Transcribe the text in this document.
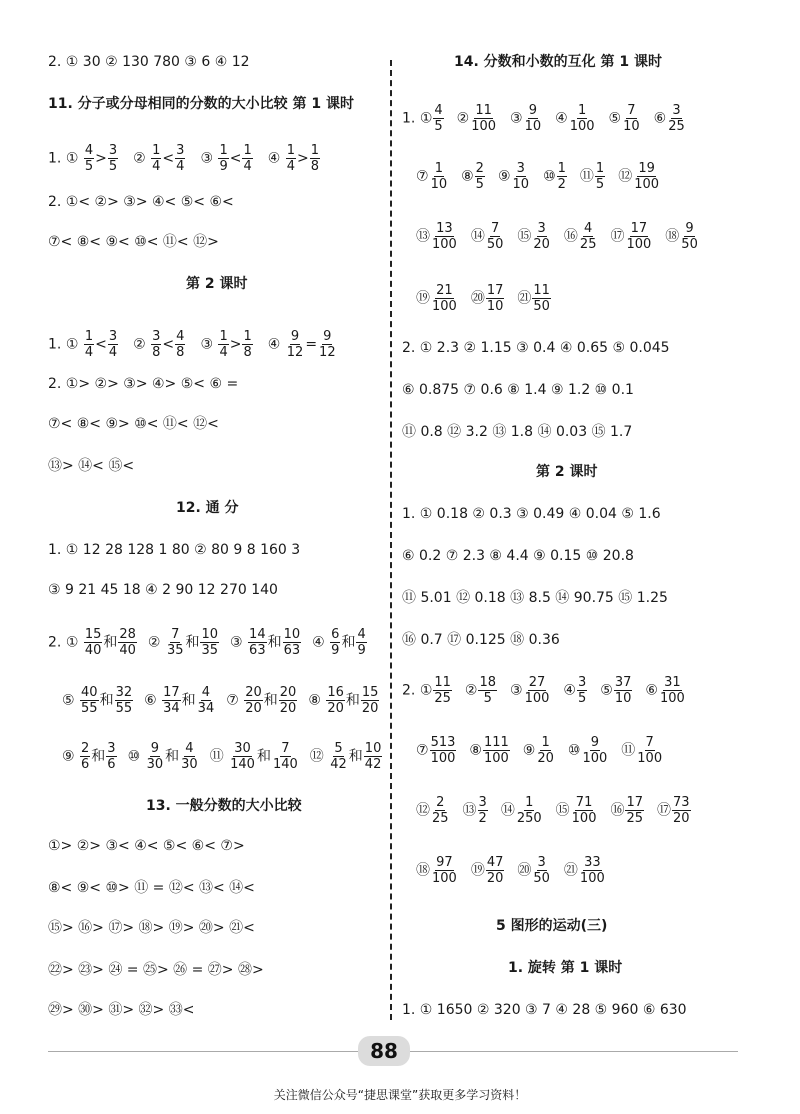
2. ① 30 ② 130 780 ③ 6 ④ 12
11. 分子或分母相同的分数的大小比较 第 1 课时
1. ① $\frac{4}{5} > \frac{3}{5}$ ② $\frac{1}{4} < \frac{3}{4}$ ③ $\frac{1}{9} < \frac{1}{4}$ ④ $\frac{1}{4} > \frac{1}{8}$
2. ①< ②> ③> ④< ⑤< ⑥<
⑦< ⑧< ⑨< ⑩< ⑪< ⑫>
第 2 课时
1. ① $\frac{1}{4} < \frac{3}{4}$ ② $\frac{3}{8} < \frac{4}{8}$ ③ $\frac{1}{4} > \frac{1}{8}$ ④ $\frac{9}{12} = \frac{9}{12}$
2. ①> ②> ③> ④> ⑤< ⑥ =
⑦< ⑧< ⑨> ⑩< ⑪< ⑫<
⑬> ⑭< ⑮<
12. 通 分
1. ① 12 28 128 1 80 ② 80 9 8 160 3
③ 9 21 45 18 ④ 2 90 12 270 140
2. ① $\frac{15}{40}$ 和 $\frac{28}{40}$ ② $\frac{7}{35}$ 和 $\frac{10}{35}$ ③ $\frac{14}{63}$ 和 $\frac{10}{63}$ ④ $\frac{6}{9}$ 和 $\frac{4}{9}$
⑤ $\frac{40}{55}$ 和 $\frac{32}{55}$ ⑥ $\frac{17}{34}$ 和 $\frac{4}{34}$ ⑦ $\frac{20}{20}$ 和 $\frac{20}{20}$ ⑧ $\frac{16}{20}$ 和 $\frac{15}{20}$
⑨ $\frac{2}{6}$ 和 $\frac{3}{6}$ ⑩ $\frac{9}{30}$ 和 $\frac{4}{30}$ ⑪ $\frac{30}{140}$ 和 $\frac{7}{140}$ ⑫ $\frac{5}{42}$ 和 $\frac{10}{42}$
13. 一般分数的大小比较
①> ②> ③< ④< ⑤< ⑥< ⑦>
⑧< ⑨< ⑩> ⑪ = ⑫< ⑬< ⑭<
⑮> ⑯> ⑰> ⑱> ⑲> ⑳> ㉑<
㉒> ㉓> ㉔ = ㉕> ㉖ = ㉗> ㉘>
㉙> ㉚> ㉛> ㉜> ㉝<
14. 分数和小数的互化 第 1 课时
1. ① $\frac{4}{5}$ ② $\frac{11}{100}$ ③ $\frac{9}{10}$ ④ $\frac{1}{100}$ ⑤ $\frac{7}{10}$ ⑥ $\frac{3}{25}$
⑦ $\frac{1}{10}$ ⑧ $\frac{2}{5}$ ⑨ $\frac{3}{10}$ ⑩ $\frac{1}{2}$ ⑪ $\frac{1}{5}$ ⑫ $\frac{19}{100}$
⑬ $\frac{13}{100}$ ⑭ $\frac{7}{50}$ ⑮ $\frac{3}{20}$ ⑯ $\frac{4}{25}$ ⑰ $\frac{17}{100}$ ⑱ $\frac{9}{50}$
⑲ $\frac{21}{100}$ ⑳ $\frac{17}{10}$ ㉑ $\frac{11}{50}$
2. ① 2.3 ② 1.15 ③ 0.4 ④ 0.65 ⑤ 0.045
⑥ 0.875 ⑦ 0.6 ⑧ 1.4 ⑨ 1.2 ⑩ 0.1
⑪ 0.8 ⑫ 3.2 ⑬ 1.8 ⑭ 0.03 ⑮ 1.7
第 2 课时
1. ① 0.18 ② 0.3 ③ 0.49 ④ 0.04 ⑤ 1.6
⑥ 0.2 ⑦ 2.3 ⑧ 4.4 ⑨ 0.15 ⑩ 20.8
⑪ 5.01 ⑫ 0.18 ⑬ 8.5 ⑭ 90.75 ⑮ 1.25
⑯ 0.7 ⑰ 0.125 ⑱ 0.36
2. ① $\frac{11}{25}$ ② $\frac{18}{5}$ ③ $\frac{27}{100}$ ④ $\frac{3}{5}$ ⑤ $\frac{37}{10}$ ⑥ $\frac{31}{100}$
⑦ $\frac{513}{100}$ ⑧ $\frac{111}{100}$ ⑨ $\frac{1}{20}$ ⑩ $\frac{9}{100}$ ⑪ $\frac{7}{100}$
⑫ $\frac{2}{25}$ ⑬ $\frac{3}{2}$ ⑭ $\frac{1}{250}$ ⑮ $\frac{71}{100}$ ⑯ $\frac{17}{25}$ ⑰ $\frac{73}{20}$
⑱ $\frac{97}{100}$ ⑲ $\frac{47}{20}$ ⑳ $\frac{3}{50}$ ㉑ $\frac{33}{100}$
5 图形的运动(三)
1. 旋转 第 1 课时
1. ① 1650 ② 320 ③ 7 ④ 28 ⑤ 960 ⑥ 630
88
关注微信公众号“捷思课堂”获取更多学习资料！
